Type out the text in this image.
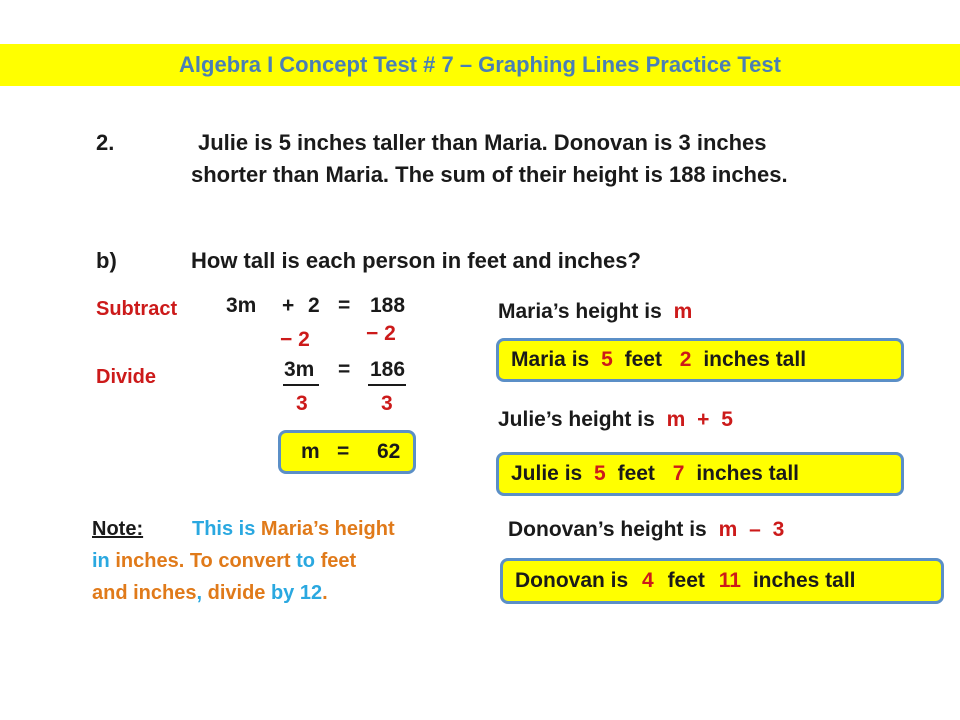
Algebra I Concept Test # 7 – Graphing Lines Practice Test
2.	Julie is 5 inches taller than Maria. Donovan is 3 inches
shorter than Maria. The sum of their height is 188 inches.
b)	How tall is each person in feet and inches?
Subtract
Divide
3m + 2 = 188
− 2	− 2
3m = 186
3	3
m = 62
Note: This is Maria’s height
in inches. To convert to feet
and inches, divide by 12.
Maria’s height is m
Maria is 5 feet 2 inches tall
Julie’s height is m + 5
Julie is 5 feet 7 inches tall
Donovan’s height is m – 3
Donovan is 4 feet 11 inches tall
